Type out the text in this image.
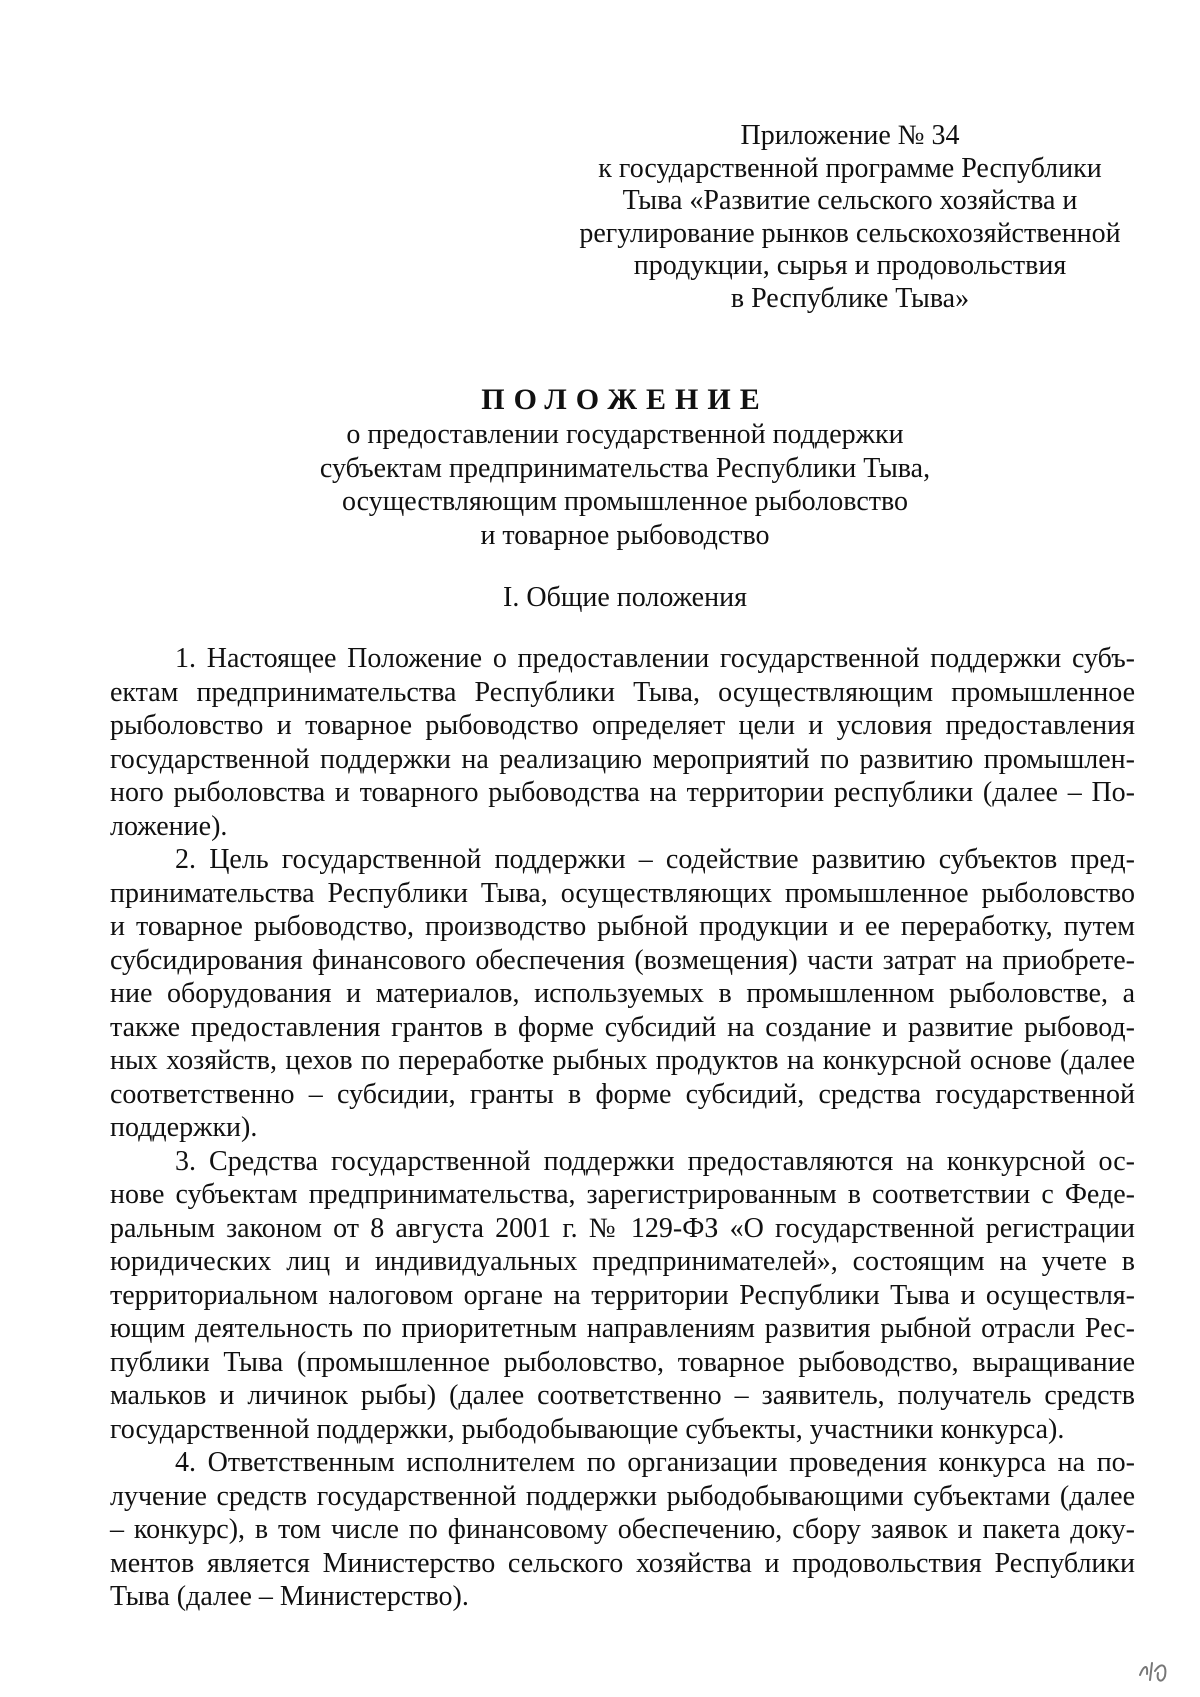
Приложение № 34
к государственной программе Республики
Тыва «Развитие сельского хозяйства и
регулирование рынков сельскохозяйственной
продукции, сырья и продовольствия
в Республике Тыва»
ПОЛОЖЕНИЕ
о предоставлении государственной поддержки
субъектам предпринимательства Республики Тыва,
осуществляющим промышленное рыболовство
и товарное рыбоводство
I. Общие положения
1. Настоящее Положение о предоставлении государственной поддержки субъ-
ектам предпринимательства Республики Тыва, осуществляющим промышленное
рыболовство и товарное рыбоводство определяет цели и условия предоставления
государственной поддержки на реализацию мероприятий по развитию промышлен-
ного рыболовства и товарного рыбоводства на территории республики (далее – По-
ложение).
2. Цель государственной поддержки – содействие развитию субъектов пред-
принимательства Республики Тыва, осуществляющих промышленное рыболовство
и товарное рыбоводство, производство рыбной продукции и ее переработку, путем
субсидирования финансового обеспечения (возмещения) части затрат на приобрете-
ние оборудования и материалов, используемых в промышленном рыболовстве, а
также предоставления грантов в форме субсидий на создание и развитие рыбовод-
ных хозяйств, цехов по переработке рыбных продуктов на конкурсной основе (далее
соответственно – субсидии, гранты в форме субсидий, средства государственной
поддержки).
3. Средства государственной поддержки предоставляются на конкурсной ос-
нове субъектам предпринимательства, зарегистрированным в соответствии с Феде-
ральным законом от 8 августа 2001 г. № 129-ФЗ «О государственной регистрации
юридических лиц и индивидуальных предпринимателей», состоящим на учете в
территориальном налоговом органе на территории Республики Тыва и осуществля-
ющим деятельность по приоритетным направлениям развития рыбной отрасли Рес-
публики Тыва (промышленное рыболовство, товарное рыбоводство, выращивание
мальков и личинок рыбы) (далее соответственно – заявитель, получатель средств
государственной поддержки, рыбодобывающие субъекты, участники конкурса).
4. Ответственным исполнителем по организации проведения конкурса на по-
лучение средств государственной поддержки рыбодобывающими субъектами (далее
– конкурс), в том числе по финансовому обеспечению, сбору заявок и пакета доку-
ментов является Министерство сельского хозяйства и продовольствия Республики
Тыва (далее – Министерство).
